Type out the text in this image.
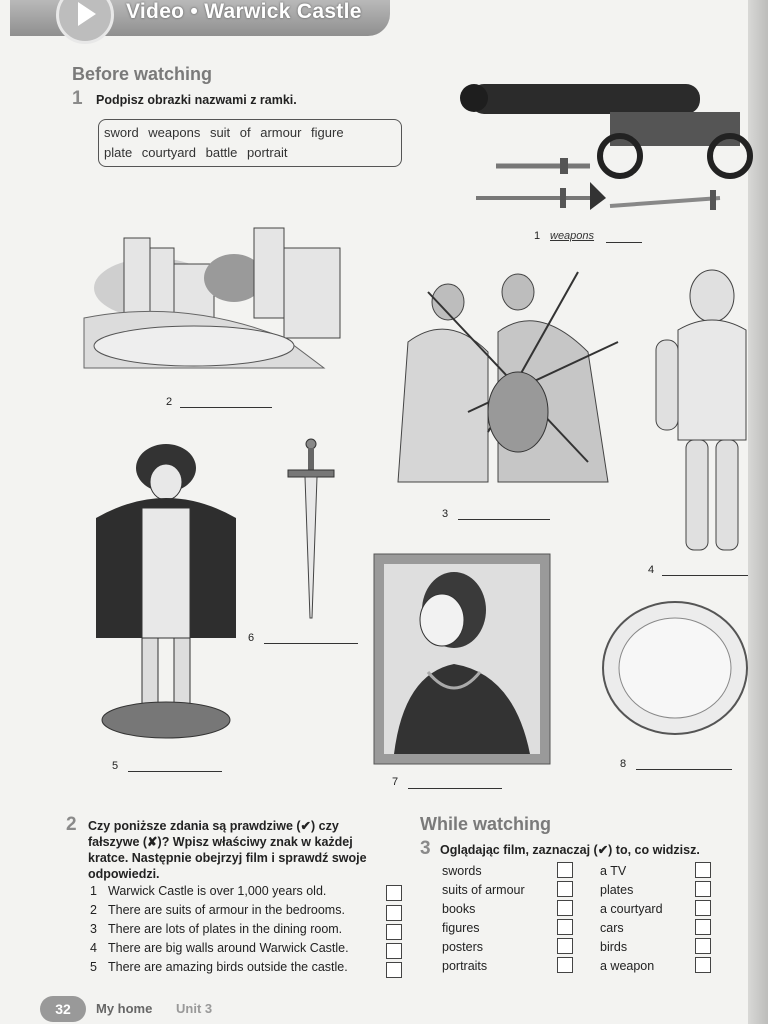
Video • Warwick Castle
Before watching
1 Podpisz obrazki nazwami z ramki.
sword weapons suit of armour figure
plate courtyard battle portrait
1 weapons
2
3
4
5
6
7
8
2 Czy poniższe zdania są prawdziwe (✔) czy
fałszywe (✘)? Wpisz właściwy znak w każdej
kratce. Następnie obejrzyj film i sprawdź swoje
odpowiedzi.
1 Warwick Castle is over 1,000 years old.
2 There are suits of armour in the bedrooms.
3 There are lots of plates in the dining room.
4 There are big walls around Warwick Castle.
5 There are amazing birds outside the castle.
While watching
3 Oglądając film, zaznaczaj (✔) to, co widzisz.
swords
suits of armour
books
figures
posters
portraits
a TV
plates
a courtyard
cars
birds
a weapon
32	My home Unit 3
